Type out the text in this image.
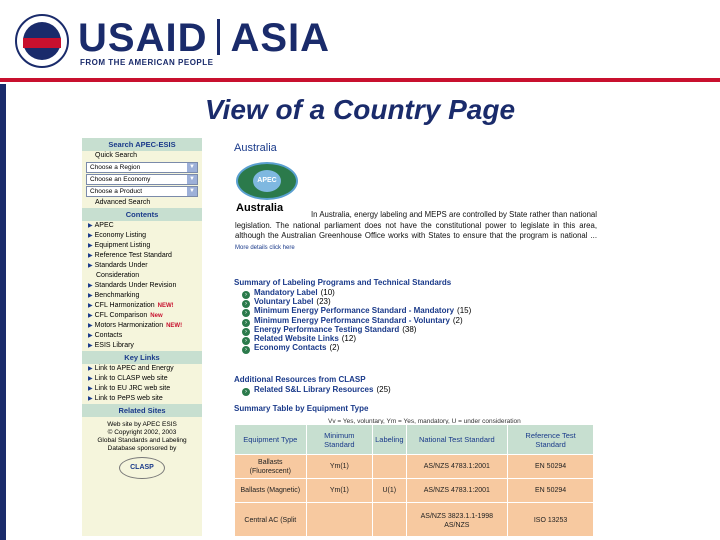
USAID ASIA
FROM THE AMERICAN PEOPLE
View of a Country Page
Search APEC-ESIS
Quick Search
Choose a Region	▼
Choose an Economy	▼
Choose a Product	▼
Advanced Search
Contents
▶ APEC
▶ Economy Listing
▶ Equipment Listing
▶ Reference Test Standard
▶ Standards Under
Consideration
▶ Standards Under Revision
▶ Benchmarking
▶ CFL Harmonization NEW!
▶ CFL Comparison New
▶ Motors Harmonization NEW!
▶ Contacts
▶ ESIS Library
Key Links
▶ Link to APEC and Energy
▶ Link to CLASP web site
▶ Link to EU JRC web site
▶ Link to PePS web site
Related Sites
Web site by APEC ESIS
© Copyright 2002, 2003
Global Standards and Labeling
Database sponsored by
CLASP
Australia
APEC
Australia
In Australia, energy labeling and MEPS are controlled by State rather than national legislation. The national parliament does not have the constitutional power to legislate in this area, although the Australian Greenhouse Office works with States to ensure that the program is national ... More details click here
Summary of Labeling Programs and Technical Standards
› Mandatory Label (10)
› Voluntary Label (23)
› Minimum Energy Performance Standard - Mandatory (15)
› Minimum Energy Performance Standard - Voluntary (2)
› Energy Performance Testing Standard (38)
› Related Website Links (12)
› Economy Contacts (2)
Additional Resources from CLASP
› Related S&L Library Resources (25)
Summary Table by Equipment Type
Vv = Yes, voluntary, Ym = Yes, mandatory, U = under consideration
Equipment Type	Minimum Standard	Labeling	National Test Standard	Reference Test Standard
Ballasts (Fluorescent)	Ym(1)		AS/NZS 4783.1:2001	EN 50294
Ballasts (Magnetic)	Ym(1)	U(1)	AS/NZS 4783.1:2001	EN 50294
Central AC (Split			AS/NZS 3823.1.1-1998 AS/NZS	ISO 13253
